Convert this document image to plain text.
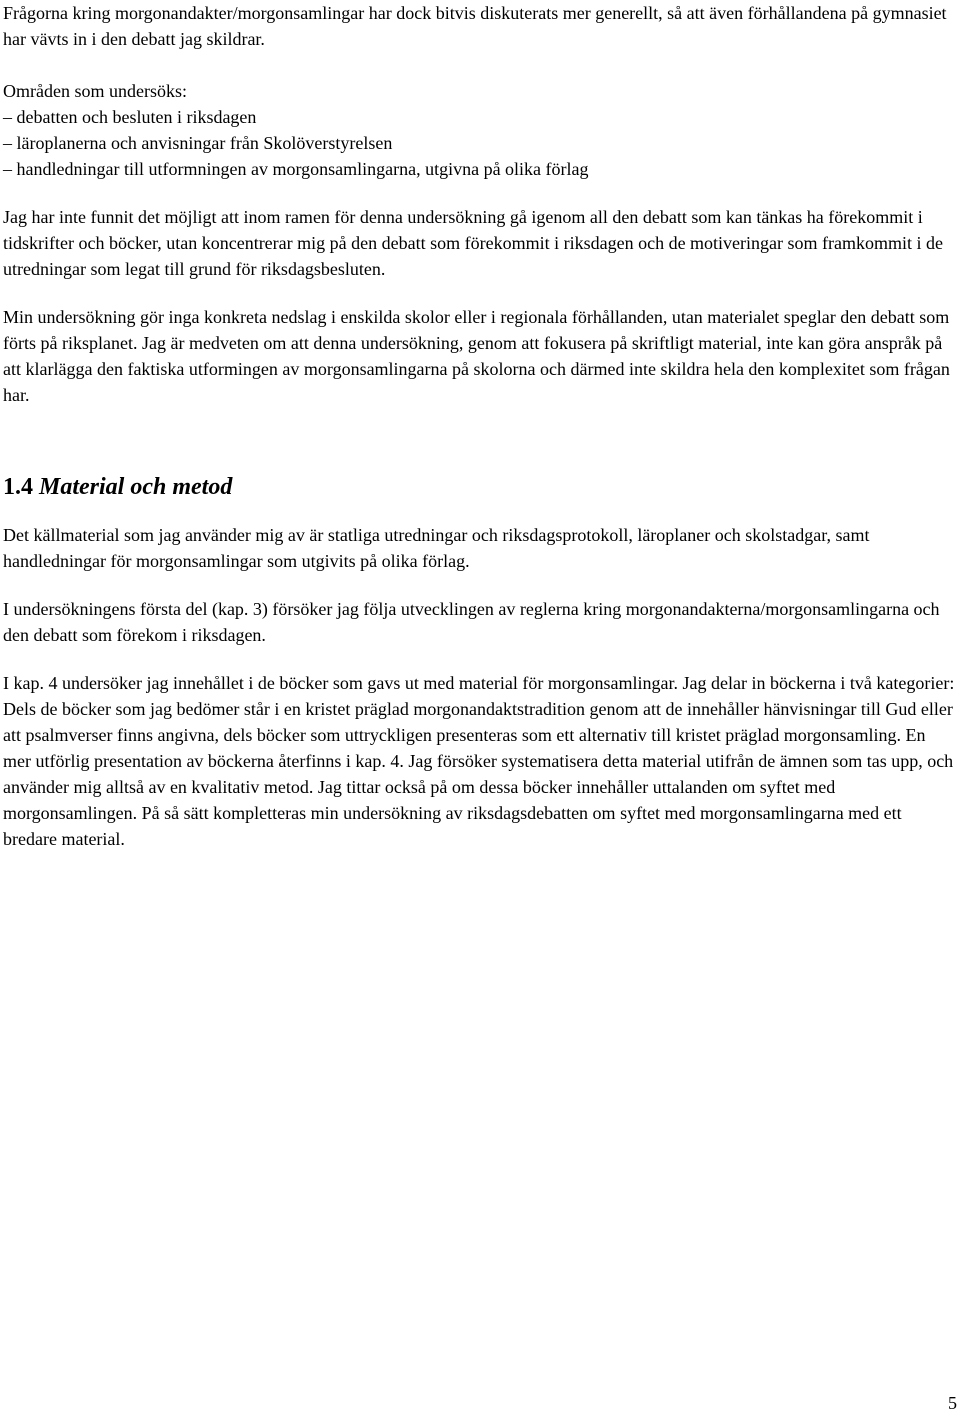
Frågorna kring morgonandakter/morgonsamlingar har dock bitvis diskuterats mer generellt, så att även förhållandena på gymnasiet har vävts in i den debatt jag skildrar.

Områden som undersöks:

– debatten och besluten i riksdagen

– läroplanerna och anvisningar från Skolöverstyrelsen

– handledningar till utformningen av morgonsamlingarna, utgivna på olika förlag

Jag har inte funnit det möjligt att inom ramen för denna undersökning gå igenom all den debatt som kan tänkas ha förekommit i tidskrifter och böcker, utan koncentrerar mig på den debatt som förekommit i riksdagen och de motiveringar som framkommit i de utredningar som legat till grund för riksdagsbesluten.

Min undersökning gör inga konkreta nedslag i enskilda skolor eller i regionala förhållanden, utan materialet speglar den debatt som förts på riksplanet. Jag är medveten om att denna undersökning, genom att fokusera på skriftligt material, inte kan göra anspråk på att klarlägga den faktiska utformingen av morgonsamlingarna på skolorna och därmed inte skildra hela den komplexitet som frågan har.

1.4 Material och metod

Det källmaterial som jag använder mig av är statliga utredningar och riksdagsprotokoll, läroplaner och skolstadgar, samt handledningar för morgonsamlingar som utgivits på olika förlag.

I undersökningens första del (kap. 3) försöker jag följa utvecklingen av reglerna kring morgonandakterna/morgonsamlingarna och den debatt som förekom i riksdagen.

I kap. 4 undersöker jag innehållet i de böcker som gavs ut med material för morgonsamlingar. Jag delar in böckerna i två kategorier: Dels de böcker som jag bedömer står i en kristet präglad morgonandaktstradition genom att de innehåller hänvisningar till Gud eller att psalmverser finns angivna, dels böcker som uttryckligen presenteras som ett alternativ till kristet präglad morgonsamling. En mer utförlig presentation av böckerna återfinns i kap. 4. Jag försöker systematisera detta material utifrån de ämnen som tas upp, och använder mig alltså av en kvalitativ metod. Jag tittar också på om dessa böcker innehåller uttalanden om syftet med morgonsamlingen. På så sätt kompletteras min undersökning av riksdagsdebatten om syftet med morgonsamlingarna med ett bredare material.

5
